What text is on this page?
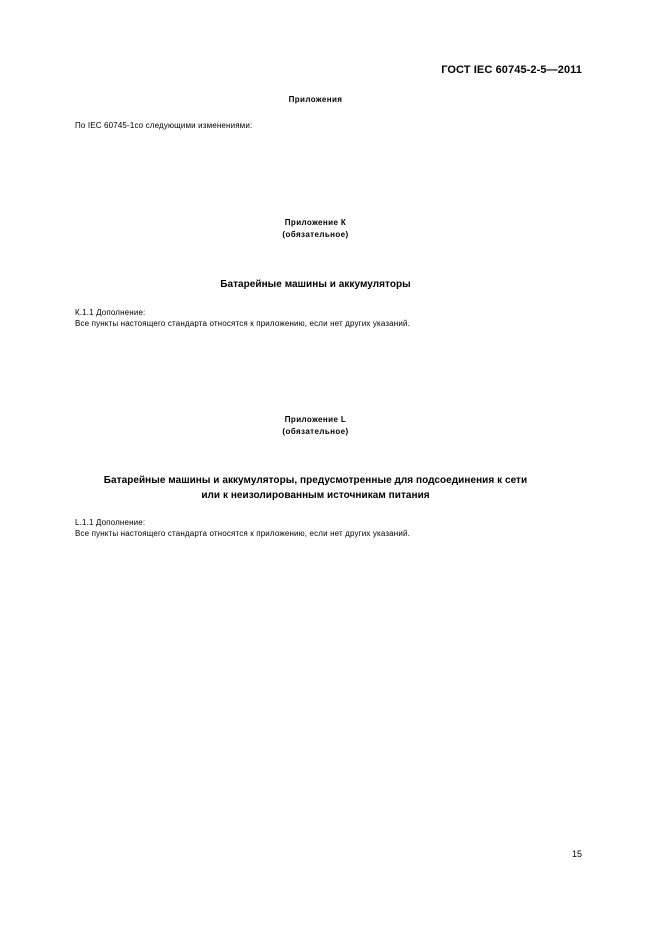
ГОСТ IEC 60745-2-5—2011
Приложения
По IEC 60745-1со следующими изменениями:
Приложение К
(обязательное)
Батарейные машины и аккумуляторы
К.1.1 Дополнение:
Все пункты настоящего стандарта относятся к приложению, если нет других указаний.
Приложение L
(обязательное)
Батарейные машины и аккумуляторы, предусмотренные для подсоединения к сети
или к неизолированным источникам питания
L.1.1 Дополнение:
Все пункты настоящего стандарта относятся к приложению, если нет других указаний.
15
